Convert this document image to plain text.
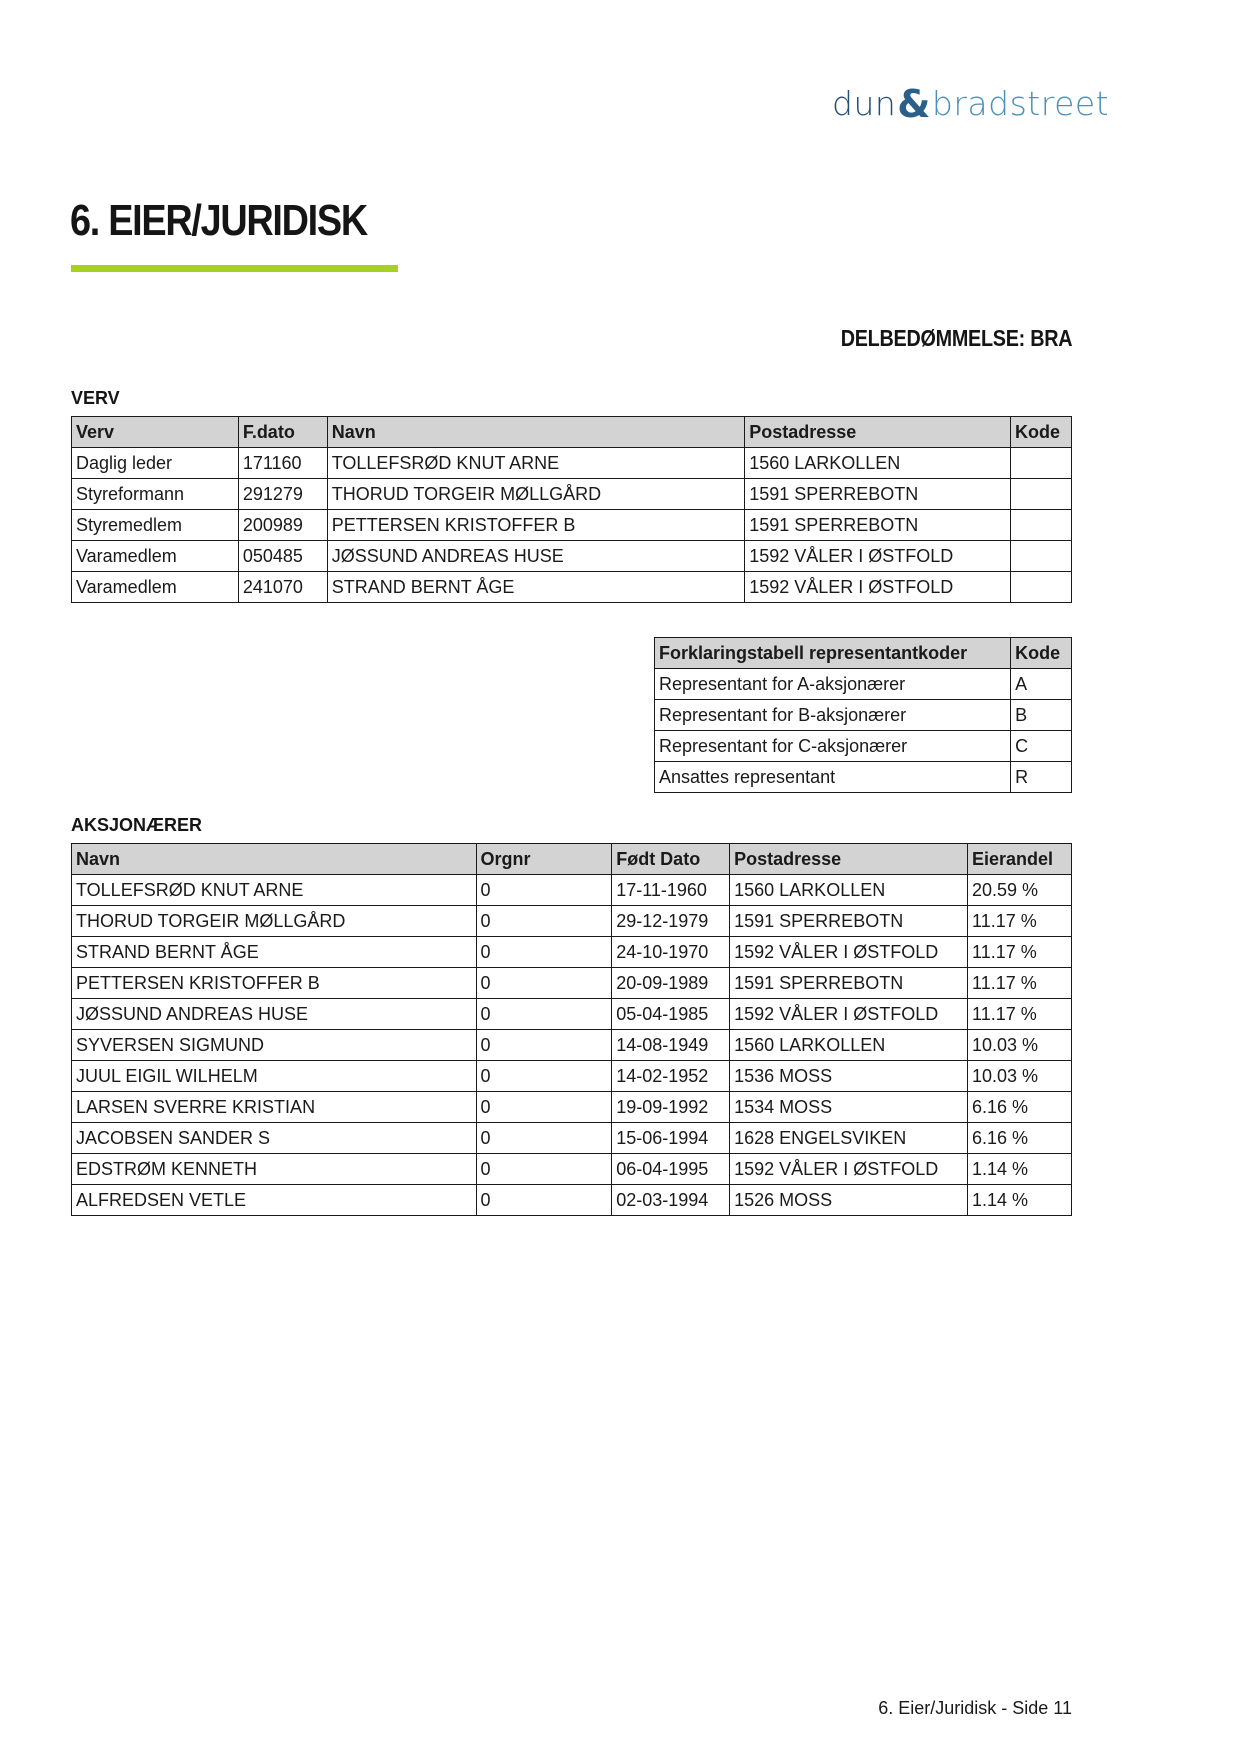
dun & bradstreet
6. EIER/JURIDISK
DELBEDØMMELSE: BRA
VERV
Verv	F.dato	Navn	Postadresse	Kode
Daglig leder	171160	TOLLEFSRØD KNUT ARNE	1560 LARKOLLEN	
Styreformann	291279	THORUD TORGEIR MØLLGÅRD	1591 SPERREBOTN	
Styremedlem	200989	PETTERSEN KRISTOFFER B	1591 SPERREBOTN	
Varamedlem	050485	JØSSUND ANDREAS HUSE	1592 VÅLER I ØSTFOLD	
Varamedlem	241070	STRAND BERNT ÅGE	1592 VÅLER I ØSTFOLD	
Forklaringstabell representantkoder	Kode
Representant for A-aksjonærer	A
Representant for B-aksjonærer	B
Representant for C-aksjonærer	C
Ansattes representant	R
AKSJONÆRER
Navn	Orgnr	Født Dato	Postadresse	Eierandel
TOLLEFSRØD KNUT ARNE	0	17-11-1960	1560 LARKOLLEN	20.59 %
THORUD TORGEIR MØLLGÅRD	0	29-12-1979	1591 SPERREBOTN	11.17 %
STRAND BERNT ÅGE	0	24-10-1970	1592 VÅLER I ØSTFOLD	11.17 %
PETTERSEN KRISTOFFER B	0	20-09-1989	1591 SPERREBOTN	11.17 %
JØSSUND ANDREAS HUSE	0	05-04-1985	1592 VÅLER I ØSTFOLD	11.17 %
SYVERSEN SIGMUND	0	14-08-1949	1560 LARKOLLEN	10.03 %
JUUL EIGIL WILHELM	0	14-02-1952	1536 MOSS	10.03 %
LARSEN SVERRE KRISTIAN	0	19-09-1992	1534 MOSS	6.16 %
JACOBSEN SANDER S	0	15-06-1994	1628 ENGELSVIKEN	6.16 %
EDSTRØM KENNETH	0	06-04-1995	1592 VÅLER I ØSTFOLD	1.14 %
ALFREDSEN VETLE	0	02-03-1994	1526 MOSS	1.14 %
6. Eier/Juridisk - Side 11
